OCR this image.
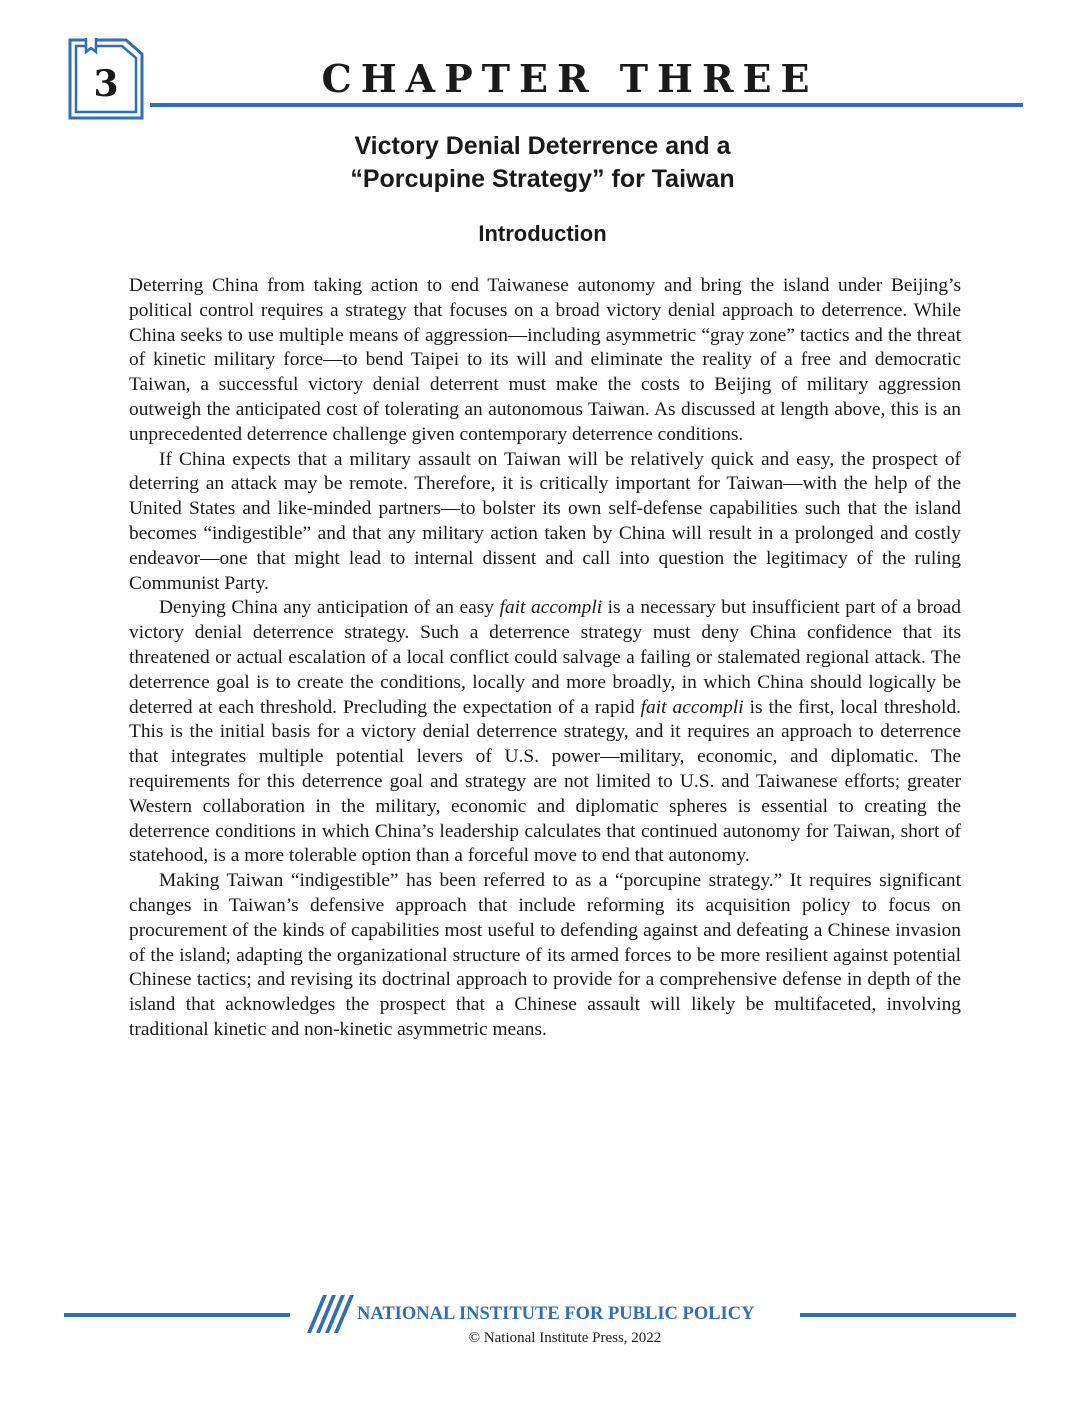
3	CHAPTER THREE
Victory Denial Deterrence and a
“Porcupine Strategy” for Taiwan
Introduction

Deterring China from taking action to end Taiwanese autonomy and bring the island under Beijing’s political control requires a strategy that focuses on a broad victory denial approach to deterrence. While China seeks to use multiple means of aggression—including asymmetric “gray zone” tactics and the threat of kinetic military force—to bend Taipei to its will and eliminate the reality of a free and democratic Taiwan, a successful victory denial deterrent must make the costs to Beijing of military aggression outweigh the anticipated cost of tolerating an autonomous Taiwan. As discussed at length above, this is an unprecedented deterrence challenge given contemporary deterrence conditions.

If China expects that a military assault on Taiwan will be relatively quick and easy, the prospect of deterring an attack may be remote. Therefore, it is critically important for Taiwan—with the help of the United States and like-minded partners—to bolster its own self-defense capabilities such that the island becomes “indigestible” and that any military action taken by China will result in a prolonged and costly endeavor—one that might lead to internal dissent and call into question the legitimacy of the ruling Communist Party.

Denying China any anticipation of an easy fait accompli is a necessary but insufficient part of a broad victory denial deterrence strategy. Such a deterrence strategy must deny China confidence that its threatened or actual escalation of a local conflict could salvage a failing or stalemated regional attack. The deterrence goal is to create the conditions, locally and more broadly, in which China should logically be deterred at each threshold. Precluding the expectation of a rapid fait accompli is the first, local threshold. This is the initial basis for a victory denial deterrence strategy, and it requires an approach to deterrence that integrates multiple potential levers of U.S. power—military, economic, and diplomatic. The requirements for this deterrence goal and strategy are not limited to U.S. and Taiwanese efforts; greater Western collaboration in the military, economic and diplomatic spheres is essential to creating the deterrence conditions in which China’s leadership calculates that continued autonomy for Taiwan, short of statehood, is a more tolerable option than a forceful move to end that autonomy.

Making Taiwan “indigestible” has been referred to as a “porcupine strategy.” It requires significant changes in Taiwan’s defensive approach that include reforming its acquisition policy to focus on procurement of the kinds of capabilities most useful to defending against and defeating a Chinese invasion of the island; adapting the organizational structure of its armed forces to be more resilient against potential Chinese tactics; and revising its doctrinal approach to provide for a comprehensive defense in depth of the island that acknowledges the prospect that a Chinese assault will likely be multifaceted, involving traditional kinetic and non-kinetic asymmetric means.

NATIONAL INSTITUTE FOR PUBLIC POLICY
© National Institute Press, 2022
